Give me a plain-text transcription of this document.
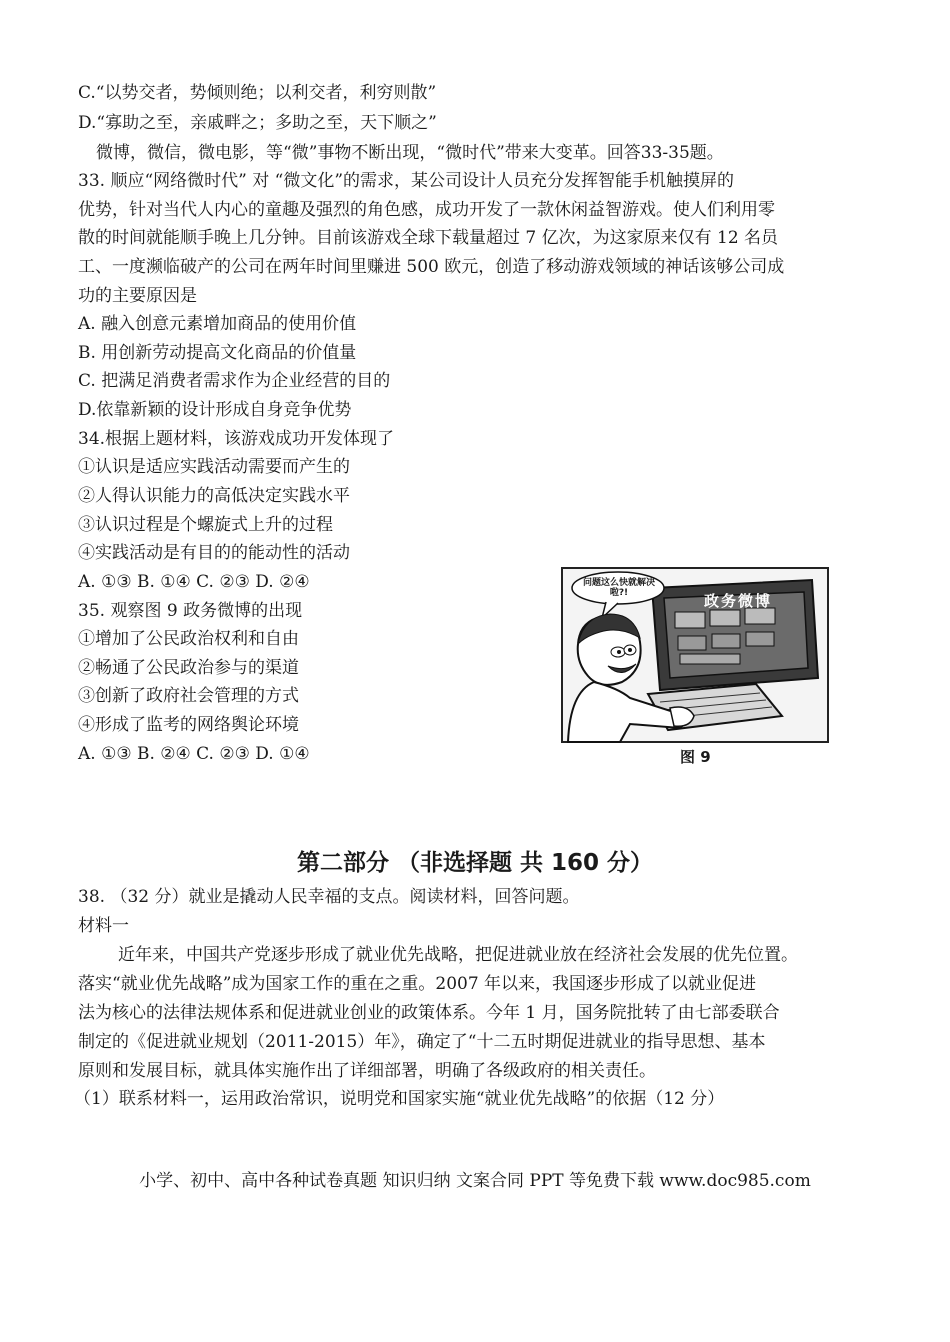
C.“以势交者，势倾则绝；以利交者，利穷则散”
D.“寡助之至，亲戚畔之；多助之至，天下顺之”
微博，微信，微电影，等“微”事物不断出现，“微时代”带来大变革。回答33-35题。
33. 顺应“网络微时代” 对 “微文化”的需求，某公司设计人员充分发挥智能手机触摸屏的
优势，针对当代人内心的童趣及强烈的角色感，成功开发了一款休闲益智游戏。使人们利用零
散的时间就能顺手晚上几分钟。目前该游戏全球下载量超过 7 亿次，为这家原来仅有 12 名员
工、一度濒临破产的公司在两年时间里赚进 500 欧元，创造了移动游戏领域的神话该够公司成
功的主要原因是
A. 融入创意元素增加商品的使用价值
B. 用创新劳动提高文化商品的价值量
C. 把满足消费者需求作为企业经营的目的
D.依靠新颖的设计形成自身竞争优势
34.根据上题材料，该游戏成功开发体现了
①认识是适应实践活动需要而产生的
②人得认识能力的高低决定实践水平
③认识过程是个螺旋式上升的过程
④实践活动是有目的的能动性的活动
A. ①③ B. ①④ C. ②③ D. ②④
35. 观察图 9 政务微博的出现
①增加了公民政治权利和自由
②畅通了公民政治参与的渠道
③创新了政府社会管理的方式
④形成了监考的网络舆论环境
A. ①③ B. ②④ C. ②③ D. ①④
问题这么快就解决啦?!	政务微博
图 9
第二部分 （非选择题 共 160 分）
38. （32 分）就业是撬动人民幸福的支点。阅读材料，回答问题。
材料一
近年来，中国共产党逐步形成了就业优先战略，把促进就业放在经济社会发展的优先位置。
落实“就业优先战略”成为国家工作的重在之重。2007 年以来，我国逐步形成了以就业促进
法为核心的法律法规体系和促进就业创业的政策体系。今年 1 月，国务院批转了由七部委联合
制定的《促进就业规划（2011-2015）年》，确定了“十二五时期促进就业的指导思想、基本
原则和发展目标，就具体实施作出了详细部署，明确了各级政府的相关责任。
（1）联系材料一，运用政治常识，说明党和国家实施“就业优先战略”的依据（12 分）
小学、初中、高中各种试卷真题 知识归纳 文案合同 PPT 等免费下载 www.doc985.com
